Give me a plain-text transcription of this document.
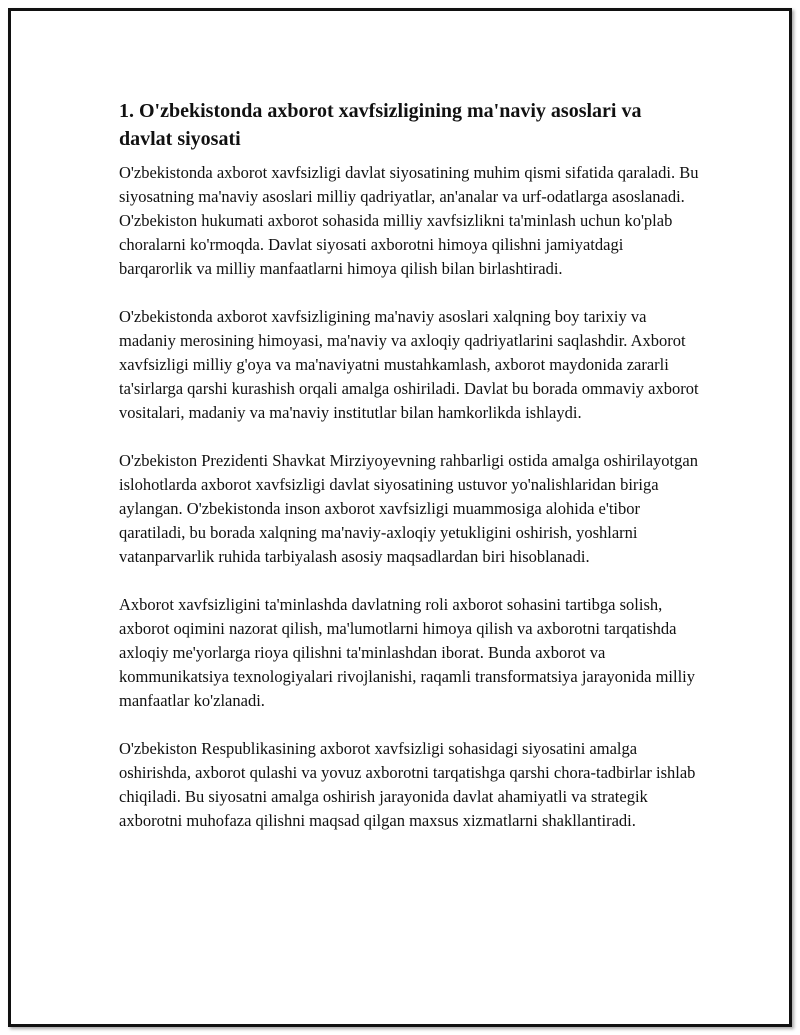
1. O'zbekistonda axborot xavfsizligining ma'naviy asoslari va davlat siyosati

O'zbekistonda axborot xavfsizligi davlat siyosatining muhim qismi sifatida qaraladi. Bu siyosatning ma'naviy asoslari milliy qadriyatlar, an'analar va urf-odatlarga asoslanadi. O'zbekiston hukumati axborot sohasida milliy xavfsizlikni ta'minlash uchun ko'plab choralarni ko'rmoqda. Davlat siyosati axborotni himoya qilishni jamiyatdagi barqarorlik va milliy manfaatlarni himoya qilish bilan birlashtiradi.

O'zbekistonda axborot xavfsizligining ma'naviy asoslari xalqning boy tarixiy va madaniy merosining himoyasi, ma'naviy va axloqiy qadriyatlarini saqlashdir. Axborot xavfsizligi milliy g'oya va ma'naviyatni mustahkamlash, axborot maydonida zararli ta'sirlarga qarshi kurashish orqali amalga oshiriladi. Davlat bu borada ommaviy axborot vositalari, madaniy va ma'naviy institutlar bilan hamkorlikda ishlaydi.

O'zbekiston Prezidenti Shavkat Mirziyoyevning rahbarligi ostida amalga oshirilayotgan islohotlarda axborot xavfsizligi davlat siyosatining ustuvor yo'nalishlaridan biriga aylangan. O'zbekistonda inson axborot xavfsizligi muammosiga alohida e'tibor qaratiladi, bu borada xalqning ma'naviy-axloqiy yetukligini oshirish, yoshlarni vatanparvarlik ruhida tarbiyalash asosiy maqsadlardan biri hisoblanadi.

Axborot xavfsizligini ta'minlashda davlatning roli axborot sohasini tartibga solish, axborot oqimini nazorat qilish, ma'lumotlarni himoya qilish va axborotni tarqatishda axloqiy me'yorlarga rioya qilishni ta'minlashdan iborat. Bunda axborot va kommunikatsiya texnologiyalari rivojlanishi, raqamli transformatsiya jarayonida milliy manfaatlar ko'zlanadi.

O'zbekiston Respublikasining axborot xavfsizligi sohasidagi siyosatini amalga oshirishda, axborot qulashi va yovuz axborotni tarqatishga qarshi chora-tadbirlar ishlab chiqiladi. Bu siyosatni amalga oshirish jarayonida davlat ahamiyatli va strategik axborotni muhofaza qilishni maqsad qilgan maxsus xizmatlarni shakllantiradi.
